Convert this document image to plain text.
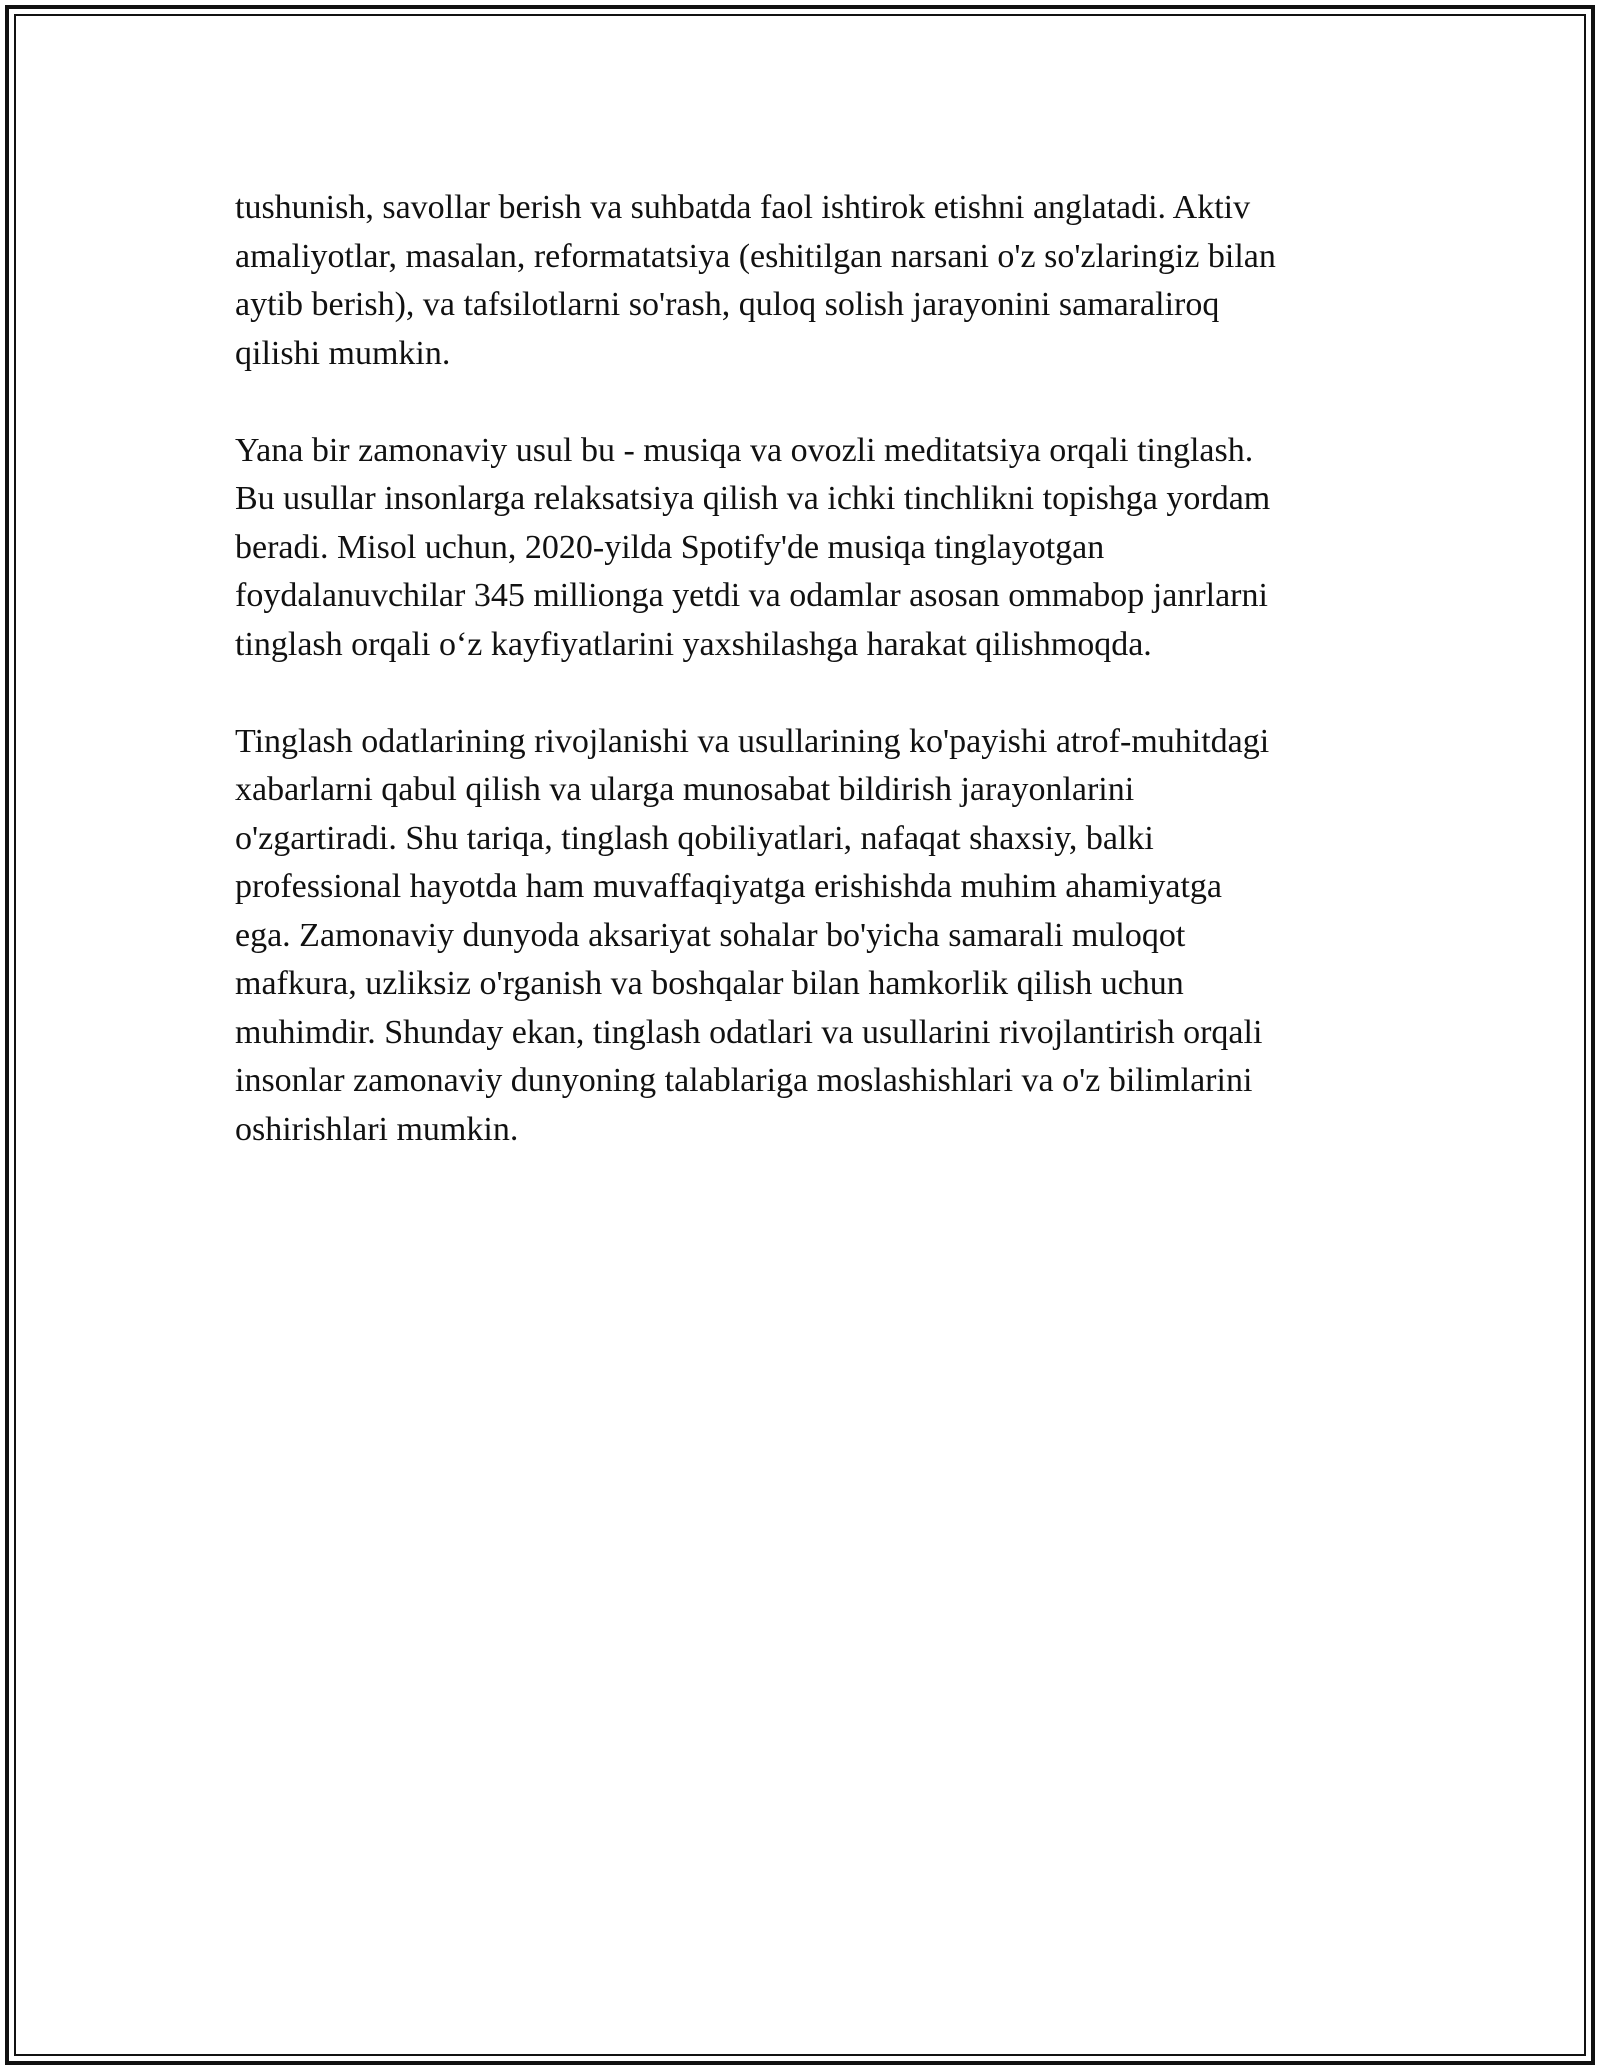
tushunish, savollar berish va suhbatda faol ishtirok etishni anglatadi. Aktiv
amaliyotlar, masalan, reformatatsiya (eshitilgan narsani o'z so'zlaringiz bilan
aytib berish), va tafsilotlarni so'rash, quloq solish jarayonini samaraliroq
qilishi mumkin.

Yana bir zamonaviy usul bu - musiqa va ovozli meditatsiya orqali tinglash.
Bu usullar insonlarga relaksatsiya qilish va ichki tinchlikni topishga yordam
beradi. Misol uchun, 2020-yilda Spotify'de musiqa tinglayotgan
foydalanuvchilar 345 millionga yetdi va odamlar asosan ommabop janrlarni
tinglash orqali o‘z kayfiyatlarini yaxshilashga harakat qilishmoqda.

Tinglash odatlarining rivojlanishi va usullarining ko'payishi atrof-muhitdagi
xabarlarni qabul qilish va ularga munosabat bildirish jarayonlarini
o'zgartiradi. Shu tariqa, tinglash qobiliyatlari, nafaqat shaxsiy, balki
professional hayotda ham muvaffaqiyatga erishishda muhim ahamiyatga
ega. Zamonaviy dunyoda aksariyat sohalar bo'yicha samarali muloqot
mafkura, uzliksiz o'rganish va boshqalar bilan hamkorlik qilish uchun
muhimdir. Shunday ekan, tinglash odatlari va usullarini rivojlantirish orqali
insonlar zamonaviy dunyoning talablariga moslashishlari va o'z bilimlarini
oshirishlari mumkin.
